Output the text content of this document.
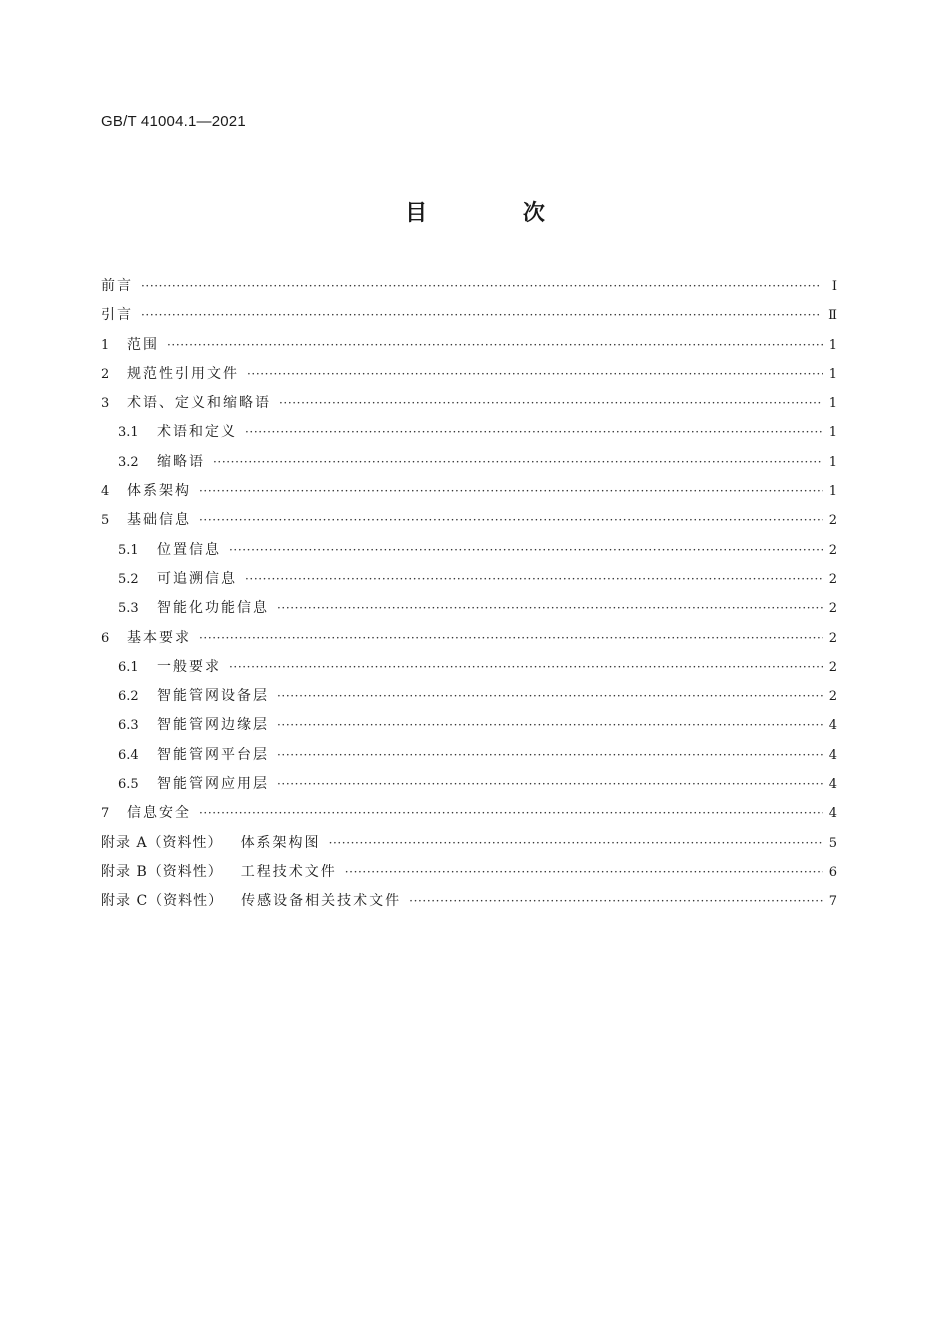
GB/T 41004.1—2021
目 次
前言 ·····	Ⅰ
引言 ·····	Ⅱ
1	范围 ·····	1
2	规范性引用文件 ·····	1
3	术语、定义和缩略语 ·····	1
3.1	术语和定义 ·····	1
3.2	缩略语 ·····	1
4	体系架构 ·····	1
5	基础信息 ·····	2
5.1	位置信息 ·····	2
5.2	可追溯信息 ·····	2
5.3	智能化功能信息 ·····	2
6	基本要求 ·····	2
6.1	一般要求 ·····	2
6.2	智能管网设备层 ·····	2
6.3	智能管网边缘层 ·····	4
6.4	智能管网平台层 ·····	4
6.5	智能管网应用层 ·····	4
7	信息安全 ·····	4
附录 A（资料性） 体系架构图 ·····	5
附录 B（资料性） 工程技术文件 ·····	6
附录 C（资料性） 传感设备相关技术文件 ·····	7
